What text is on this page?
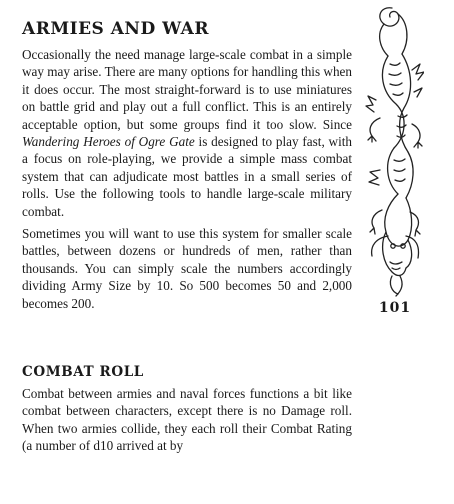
ARMIES AND WAR

Occasionally the need manage large-scale combat in a simple way may arise. There are many options for handling this when it does occur. The most straight-forward is to use miniatures on battle grid and play out a full conflict. This is an entirely acceptable option, but some groups find it too slow. Since Wandering Heroes of Ogre Gate is designed to play fast, with a focus on role-playing, we provide a simple mass combat system that can adjudicate most battles in a small series of rolls. Use the following tools to handle large-scale military combat.

Sometimes you will want to use this system for smaller scale battles, between dozens or hundreds of men, rather than thousands. You can simply scale the numbers accordingly dividing Army Size by 10. So 500 becomes 50 and 2,000 becomes 200.

COMBAT ROLL

Combat between armies and naval forces functions a bit like combat between characters, except there is no Damage roll. When two armies collide, they each roll their Combat Rating (a number of d10 arrived at by

101
